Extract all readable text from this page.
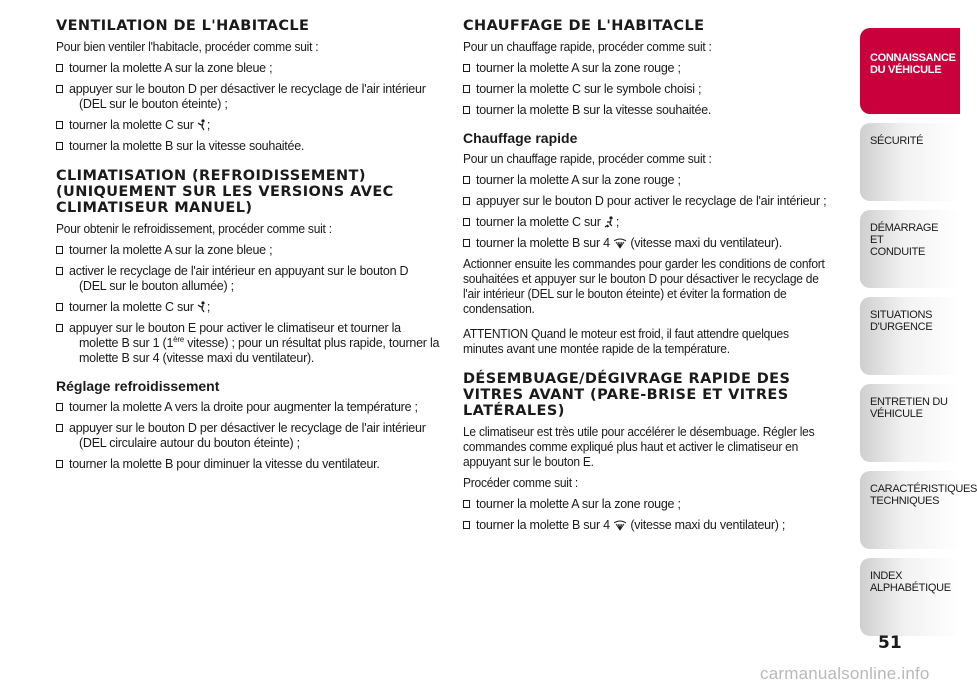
VENTILATION DE L'HABITACLE
Pour bien ventiler l'habitacle, procéder comme suit :
tourner la molette A sur la zone bleue ;
appuyer sur le bouton D per désactiver le recyclage de l'air intérieur
(DEL sur le bouton éteinte) ;
tourner la molette C sur ;
tourner la molette B sur la vitesse souhaitée.
CLIMATISATION (REFROIDISSEMENT)
(UNIQUEMENT SUR LES VERSIONS AVEC
CLIMATISEUR MANUEL)
Pour obtenir le refroidissement, procéder comme suit :
tourner la molette A sur la zone bleue ;
activer le recyclage de l'air intérieur en appuyant sur le bouton D
(DEL sur le bouton allumée) ;
tourner la molette C sur ;
appuyer sur le bouton E pour activer le climatiseur et tourner la
molette B sur 1 (1ère vitesse) ; pour un résultat plus rapide, tourner la
molette B sur 4 (vitesse maxi du ventilateur).
Réglage refroidissement
tourner la molette A vers la droite pour augmenter la température ;
appuyer sur le bouton D per désactiver le recyclage de l'air intérieur
(DEL circulaire autour du bouton éteinte) ;
tourner la molette B pour diminuer la vitesse du ventilateur.
CHAUFFAGE DE L'HABITACLE
Pour un chauffage rapide, procéder comme suit :
tourner la molette A sur la zone rouge ;
tourner la molette C sur le symbole choisi ;
tourner la molette B sur la vitesse souhaitée.
Chauffage rapide
Pour un chauffage rapide, procéder comme suit :
tourner la molette A sur la zone rouge ;
appuyer sur le bouton D pour activer le recyclage de l'air intérieur ;
tourner la molette C sur ;
tourner la molette B sur 4 (vitesse maxi du ventilateur).
Actionner ensuite les commandes pour garder les conditions de confort
souhaitées et appuyer sur le bouton D pour désactiver le recyclage de
l'air intérieur (DEL sur le bouton éteinte) et éviter la formation de
condensation.
ATTENTION Quand le moteur est froid, il faut attendre quelques
minutes avant une montée rapide de la température.
DÉSEMBUAGE/DÉGIVRAGE RAPIDE DES
VITRES AVANT (PARE-BRISE ET VITRES
LATÉRALES)
Le climatiseur est très utile pour accélérer le désembuage. Régler les
commandes comme expliqué plus haut et activer le climatiseur en
appuyant sur le bouton E.
Procéder comme suit :
tourner la molette A sur la zone rouge ;
tourner la molette B sur 4 (vitesse maxi du ventilateur) ;
CONNAISSANCE
DU VÉHICULE
SÉCURITÉ
DÉMARRAGE ET
CONDUITE
SITUATIONS
D'URGENCE
ENTRETIEN DU
VÉHICULE
CARACTÉRISTIQUES
TECHNIQUES
INDEX
ALPHABÉTIQUE
51
carmanualsonline.info
